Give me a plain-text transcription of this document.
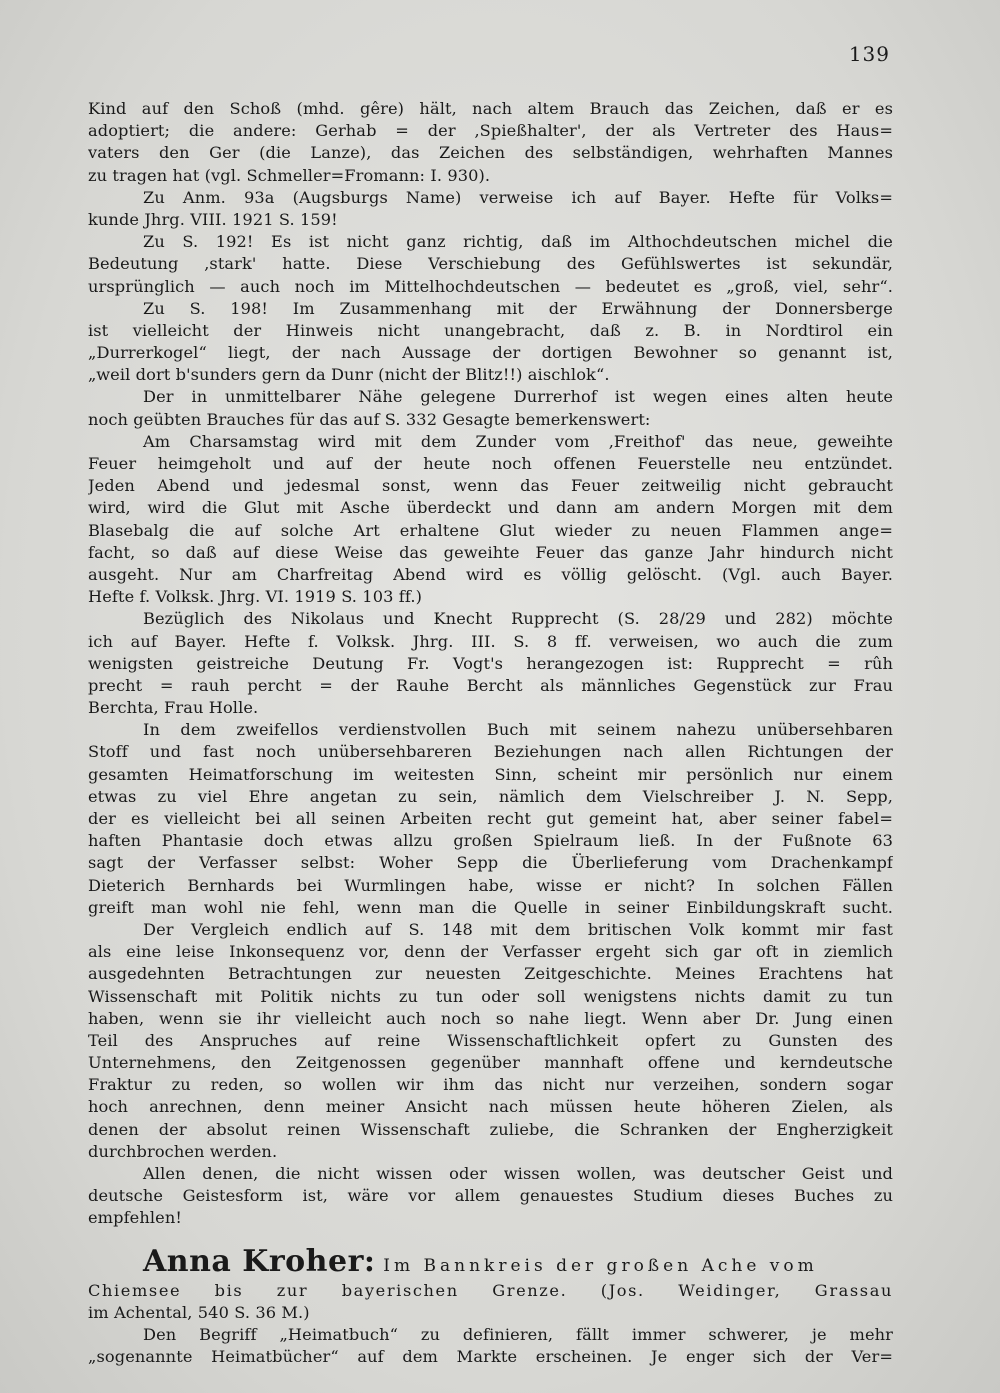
139
Kind auf den Schoß (mhd. gêre) hält, nach altem Brauch das Zeichen, daß er es
adoptiert; die andere: Gerhab = der ‚Spießhalter', der als Vertreter des Haus=
vaters den Ger (die Lanze), das Zeichen des selbständigen, wehrhaften Mannes
zu tragen hat (vgl. Schmeller=Fromann: I. 930).
Zu Anm. 93a (Augsburgs Name) verweise ich auf Bayer. Hefte für Volks=
kunde Jhrg. VIII. 1921 S. 159!
Zu S. 192! Es ist nicht ganz richtig, daß im Althochdeutschen michel die
Bedeutung ‚stark' hatte. Diese Verschiebung des Gefühlswertes ist sekundär,
ursprünglich — auch noch im Mittelhochdeutschen — bedeutet es „groß, viel, sehr“.
Zu S. 198! Im Zusammenhang mit der Erwähnung der Donnersberge
ist vielleicht der Hinweis nicht unangebracht, daß z. B. in Nordtirol ein
„Durrerkogel“ liegt, der nach Aussage der dortigen Bewohner so genannt ist,
„weil dort b'sunders gern da Dunr (nicht der Blitz!!) aischlok“.
Der in unmittelbarer Nähe gelegene Durrerhof ist wegen eines alten heute
noch geübten Brauches für das auf S. 332 Gesagte bemerkenswert:
Am Charsamstag wird mit dem Zunder vom ‚Freithof' das neue, geweihte
Feuer heimgeholt und auf der heute noch offenen Feuerstelle neu entzündet.
Jeden Abend und jedesmal sonst, wenn das Feuer zeitweilig nicht gebraucht
wird, wird die Glut mit Asche überdeckt und dann am andern Morgen mit dem
Blasebalg die auf solche Art erhaltene Glut wieder zu neuen Flammen ange=
facht, so daß auf diese Weise das geweihte Feuer das ganze Jahr hindurch nicht
ausgeht. Nur am Charfreitag Abend wird es völlig gelöscht. (Vgl. auch Bayer.
Hefte f. Volksk. Jhrg. VI. 1919 S. 103 ff.)
Bezüglich des Nikolaus und Knecht Rupprecht (S. 28/29 und 282) möchte
ich auf Bayer. Hefte f. Volksk. Jhrg. III. S. 8 ff. verweisen, wo auch die zum
wenigsten geistreiche Deutung Fr. Vogt's herangezogen ist: Rupprecht = rûh
precht = rauh percht = der Rauhe Bercht als männliches Gegenstück zur Frau
Berchta, Frau Holle.
In dem zweifellos verdienstvollen Buch mit seinem nahezu unübersehbaren
Stoff und fast noch unübersehbareren Beziehungen nach allen Richtungen der
gesamten Heimatforschung im weitesten Sinn, scheint mir persönlich nur einem
etwas zu viel Ehre angetan zu sein, nämlich dem Vielschreiber J. N. Sepp,
der es vielleicht bei all seinen Arbeiten recht gut gemeint hat, aber seiner fabel=
haften Phantasie doch etwas allzu großen Spielraum ließ. In der Fußnote 63
sagt der Verfasser selbst: Woher Sepp die Überlieferung vom Drachenkampf
Dieterich Bernhards bei Wurmlingen habe, wisse er nicht? In solchen Fällen
greift man wohl nie fehl, wenn man die Quelle in seiner Einbildungskraft sucht.
Der Vergleich endlich auf S. 148 mit dem britischen Volk kommt mir fast
als eine leise Inkonsequenz vor, denn der Verfasser ergeht sich gar oft in ziemlich
ausgedehnten Betrachtungen zur neuesten Zeitgeschichte. Meines Erachtens hat
Wissenschaft mit Politik nichts zu tun oder soll wenigstens nichts damit zu tun
haben, wenn sie ihr vielleicht auch noch so nahe liegt. Wenn aber Dr. Jung einen
Teil des Anspruches auf reine Wissenschaftlichkeit opfert zu Gunsten des
Unternehmens, den Zeitgenossen gegenüber mannhaft offene und kerndeutsche
Fraktur zu reden, so wollen wir ihm das nicht nur verzeihen, sondern sogar
hoch anrechnen, denn meiner Ansicht nach müssen heute höheren Zielen, als
denen der absolut reinen Wissenschaft zuliebe, die Schranken der Engherzigkeit
durchbrochen werden.
Allen denen, die nicht wissen oder wissen wollen, was deutscher Geist und
deutsche Geistesform ist, wäre vor allem genauestes Studium dieses Buches zu
empfehlen!
Anna Kroher: Im Bannkreis der großen Ache vom
Chiemsee bis zur bayerischen Grenze. (Jos. Weidinger, Grassau
im Achental, 540 S. 36 M.)
Den Begriff „Heimatbuch“ zu definieren, fällt immer schwerer, je mehr
„sogenannte Heimatbücher“ auf dem Markte erscheinen. Je enger sich der Ver=
